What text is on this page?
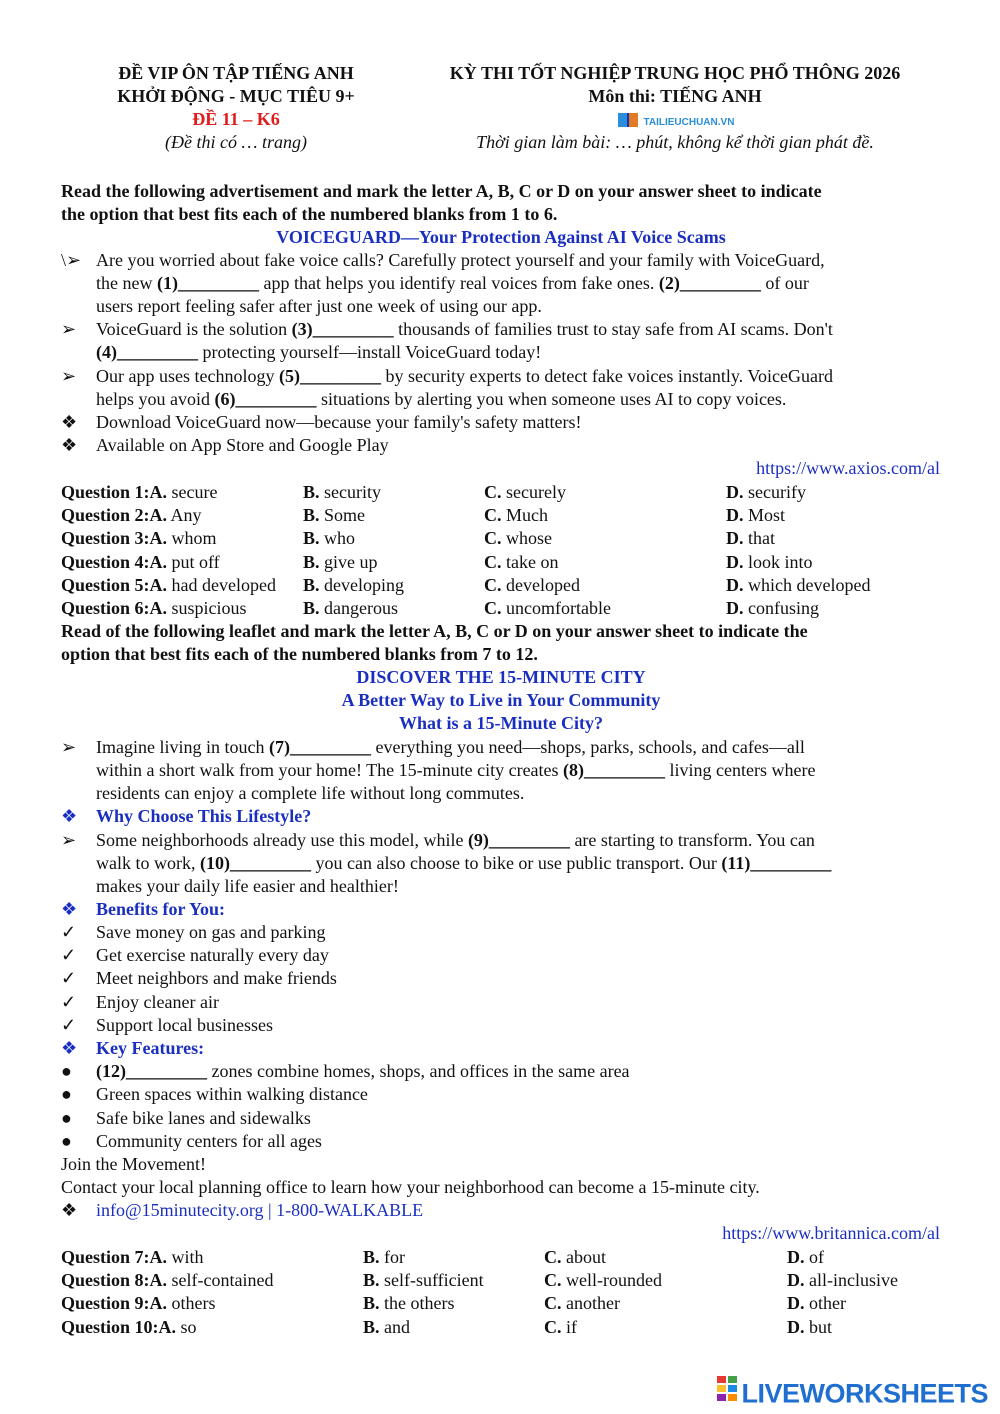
ĐỀ VIP ÔN TẬP TIẾNG ANH
KHỞI ĐỘNG - MỤC TIÊU 9+
ĐỀ 11 – K6
(Đề thi có … trang)
KỲ THI TỐT NGHIỆP TRUNG HỌC PHỔ THÔNG 2026
Môn thi: TIẾNG ANH
TAILIEUCHUAN.VN
Thời gian làm bài: … phút, không kể thời gian phát đề.
Read the following advertisement and mark the letter A, B, C or D on your answer sheet to indicate
the option that best fits each of the numbered blanks from 1 to 6.
VOICEGUARD—Your Protection Against AI Voice Scams
\➢ Are you worried about fake voice calls? Carefully protect yourself and your family with VoiceGuard,
the new (1)_________ app that helps you identify real voices from fake ones. (2)_________ of our
users report feeling safer after just one week of using our app.
➢	VoiceGuard is the solution (3)_________ thousands of families trust to stay safe from AI scams. Don't
(4)_________ protecting yourself—install VoiceGuard today!
➢	Our app uses technology (5)_________ by security experts to detect fake voices instantly. VoiceGuard
helps you avoid (6)_________ situations by alerting you when someone uses AI to copy voices.
❖	Download VoiceGuard now—because your family's safety matters!
❖	Available on App Store and Google Play
https://www.axios.com/al
Question 1:A. secure	B. security	C. securely	D. securify
Question 2:A. Any	B. Some	C. Much	D. Most
Question 3:A. whom	B. who	C. whose	D. that
Question 4:A. put off	B. give up	C. take on	D. look into
Question 5:A. had developed B. developing	C. developed	D. which developed
Question 6:A. suspicious	B. dangerous	C. uncomfortable	D. confusing
Read of the following leaflet and mark the letter A, B, C or D on your answer sheet to indicate the
option that best fits each of the numbered blanks from 7 to 12.
DISCOVER THE 15-MINUTE CITY
A Better Way to Live in Your Community
What is a 15-Minute City?
➢	Imagine living in touch (7)_________ everything you need—shops, parks, schools, and cafes—all
within a short walk from your home! The 15-minute city creates (8)_________ living centers where
residents can enjoy a complete life without long commutes.
❖	Why Choose This Lifestyle?
➢	Some neighborhoods already use this model, while (9)_________ are starting to transform. You can
walk to work, (10)_________ you can also choose to bike or use public transport. Our (11)_________
makes your daily life easier and healthier!
❖	Benefits for You:
✓	Save money on gas and parking
✓	Get exercise naturally every day
✓	Meet neighbors and make friends
✓	Enjoy cleaner air
✓	Support local businesses
❖	Key Features:
●	(12)_________ zones combine homes, shops, and offices in the same area
●	Green spaces within walking distance
●	Safe bike lanes and sidewalks
●	Community centers for all ages
Join the Movement!
Contact your local planning office to learn how your neighborhood can become a 15-minute city.
❖	info@15minutecity.org | 1-800-WALKABLE
https://www.britannica.com/al
Question 7:A. with	B. for	C. about	D. of
Question 8:A. self-contained	B. self-sufficient	C. well-rounded	D. all-inclusive
Question 9:A. others	B. the others	C. another	D. other
Question 10:A. so	B. and	C. if	D. but
LIVEWORKSHEETS
